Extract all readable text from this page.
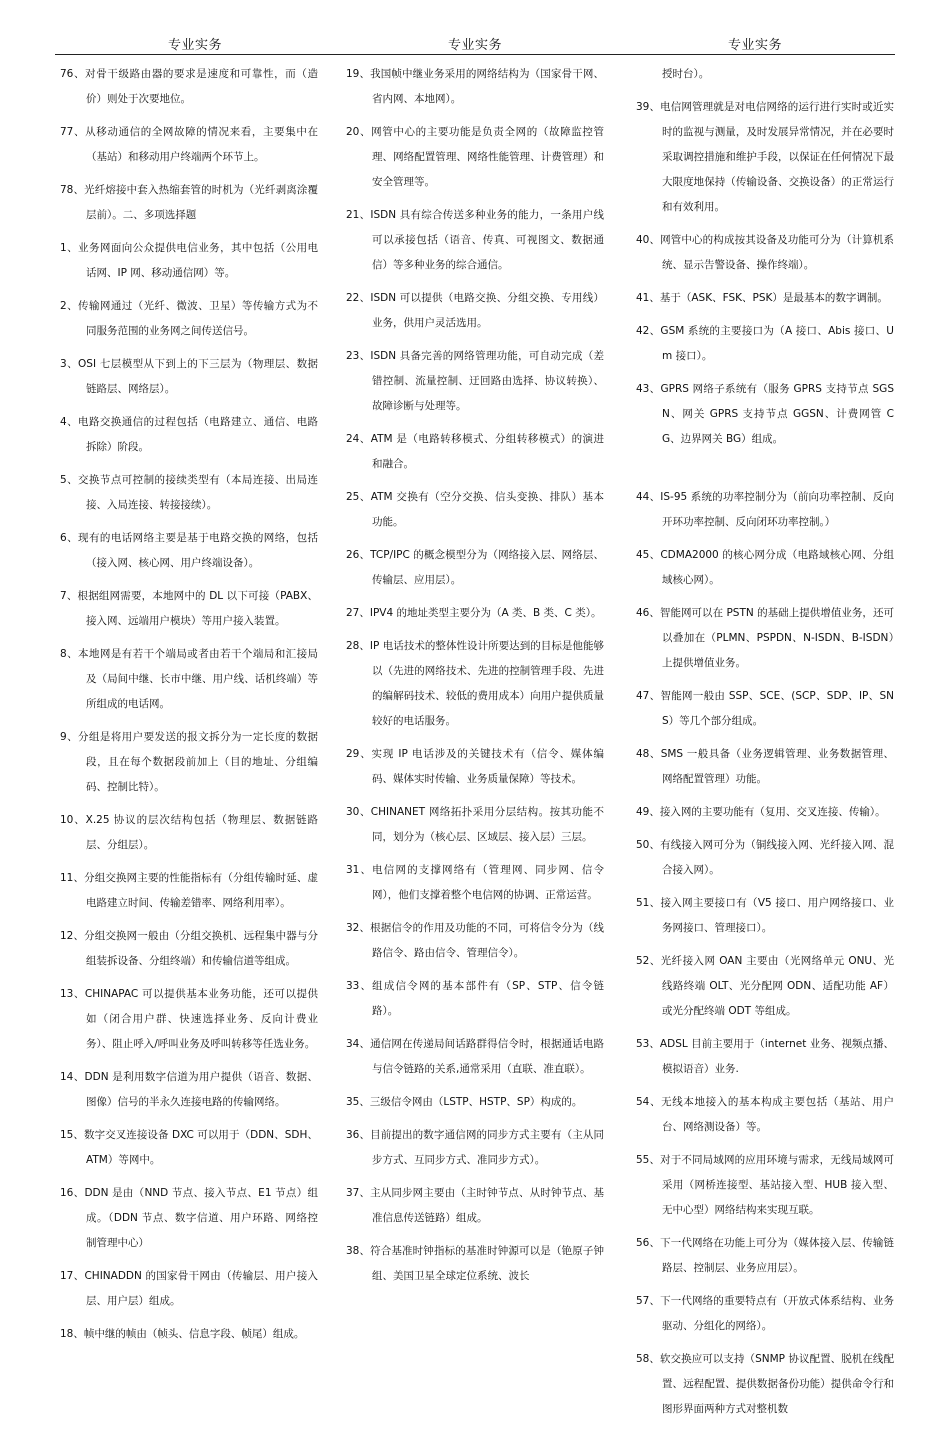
专业实务	专业实务	专业实务

76、对骨干级路由器的要求是速度和可靠性，而（造价）则处于次要地位。

77、从移动通信的全网故障的情况来看，主要集中在（基站）和移动用户终端两个环节上。

78、光纤熔接中套入热缩套管的时机为（光纤剥离涂覆层前）。二、多项选择题

1、业务网面向公众提供电信业务，其中包括（公用电话网、IP 网、移动通信网）等。

2、传输网通过（光纤、微波、卫星）等传输方式为不同服务范围的业务网之间传送信号。

3、OSI 七层模型从下到上的下三层为（物理层、数据链路层、网络层）。

4、电路交换通信的过程包括（电路建立、通信、电路拆除）阶段。

5、交换节点可控制的接续类型有（本局连接、出局连接、入局连接、转接接续）。

6、现有的电话网络主要是基于电路交换的网络，包括（接入网、核心网、用户终端设备）。

7、根据组网需要，本地网中的 DL 以下可接（PABX、接入网、远端用户模块）等用户接入装置。

8、本地网是有若干个端局或者由若干个端局和汇接局及（局间中继、长市中继、用户线、话机终端）等所组成的电话网。

9、分组是将用户要发送的报文拆分为一定长度的数据段，且在每个数据段前加上（目的地址、分组编码、控制比特）。

10、X.25 协议的层次结构包括（物理层、数据链路层、分组层）。

11、分组交换网主要的性能指标有（分组传输时延、虚电路建立时间、传输差错率、网络利用率）。

12、分组交换网一般由（分组交换机、远程集中器与分组装拆设备、分组终端）和传输信道等组成。

13、CHINAPAC 可以提供基本业务功能，还可以提供如（闭合用户群、快速选择业务、反向计费业务）、阻止呼入/呼叫业务及呼叫转移等任选业务。

14、DDN 是利用数字信道为用户提供（语音、数据、图像）信号的半永久连接电路的传输网络。

15、数字交叉连接设备 DXC 可以用于（DDN、SDH、ATM）等网中。

16、DDN 是由（NND 节点、接入节点、E1 节点）组成。（DDN 节点、数字信道、用户环路、网络控制管理中心）

17、CHINADDN 的国家骨干网由（传输层、用户接入层、用户层）组成。

18、帧中继的帧由（帧头、信息字段、帧尾）组成。

19、我国帧中继业务采用的网络结构为（国家骨干网、省内网、本地网）。

20、网管中心的主要功能是负责全网的（故障监控管理、网络配置管理、网络性能管理、计费管理）和安全管理等。

21、ISDN 具有综合传送多种业务的能力，一条用户线可以承接包括（语音、传真、可视图文、数据通信）等多种业务的综合通信。

22、ISDN 可以提供（电路交换、分组交换、专用线）业务，供用户灵活选用。

23、ISDN 具备完善的网络管理功能，可自动完成（差错控制、流量控制、迂回路由选择、协议转换）、故障诊断与处理等。

24、ATM 是（电路转移模式、分组转移模式）的演进和融合。

25、ATM 交换有（空分交换、信头变换、排队）基本功能。

26、TCP/IPC 的概念模型分为（网络接入层、网络层、传输层、应用层）。

27、IPV4 的地址类型主要分为（A 类、B 类、C 类）。

28、IP 电话技术的整体性设计所要达到的目标是他能够以（先进的网络技术、先进的控制管理手段、先进的编解码技术、较低的费用成本）向用户提供质量较好的电话服务。

29、实现 IP 电话涉及的关键技术有（信令、媒体编码、媒体实时传输、业务质量保障）等技术。

30、CHINANET 网络拓扑采用分层结构。按其功能不同，划分为（核心层、区域层、接入层）三层。

31、电信网的支撑网络有（管理网、同步网、信令网），他们支撑着整个电信网的协调、正常运营。

32、根据信令的作用及功能的不同，可将信令分为（线路信令、路由信令、管理信令）。

33、组成信令网的基本部件有（SP、STP、信令链路）。

34、通信网在传递局间话路群得信令时，根据通话电路与信令链路的关系,通常采用（直联、准直联）。

35、三级信令网由（LSTP、HSTP、SP）构成的。

36、目前提出的数字通信网的同步方式主要有（主从同步方式、互同步方式、准同步方式）。

37、主从同步网主要由（主时钟节点、从时钟节点、基准信息传送链路）组成。

38、符合基准时钟指标的基准时钟源可以是（铯原子钟组、美国卫星全球定位系统、波长

授时台）。

39、电信网管理就是对电信网络的运行进行实时或近实时的监视与测量，及时发展异常情况，并在必要时采取调控措施和维护手段，以保证在任何情况下最大限度地保持（传输设备、交换设备）的正常运行和有效利用。

40、网管中心的构成按其设备及功能可分为（计算机系统、显示告警设备、操作终端）。

41、基于（ASK、FSK、PSK）是最基本的数字调制。

42、GSM 系统的主要接口为（A 接口、Abis 接口、Um 接口）。

43、GPRS 网络子系统有（服务 GPRS 支持节点 SGSN、网关 GPRS 支持节点 GGSN、计费网管 CG、边界网关 BG）组成。

44、IS-95 系统的功率控制分为（前向功率控制、反向开环功率控制、反向闭环功率控制。）

45、CDMA2000 的核心网分成（电路域核心网、分组域核心网）。

46、智能网可以在 PSTN 的基础上提供增值业务，还可以叠加在（PLMN、PSPDN、N-ISDN、B-ISDN）上提供增值业务。

47、智能网一般由 SSP、SCE、(SCP、SDP、IP、SNS）等几个部分组成。

48、SMS 一般具备（业务逻辑管理、业务数据管理、网络配置管理）功能。

49、接入网的主要功能有（复用、交叉连接、传输）。

50、有线接入网可分为（铜线接入网、光纤接入网、混合接入网）。

51、接入网主要接口有（V5 接口、用户网络接口、业务网接口、管理接口）。

52、光纤接入网 OAN 主要由（光网络单元 ONU、光线路终端 OLT、光分配网 ODN、适配功能 AF）或光分配终端 ODT 等组成。

53、ADSL 目前主要用于（internet 业务、视频点播、模拟语音）业务.

54、无线本地接入的基本构成主要包括（基站、用户台、网络测设备）等。

55、对于不同局域网的应用环境与需求，无线局域网可采用（网桥连接型、基站接入型、HUB 接入型、无中心型）网络结构来实现互联。

56、下一代网络在功能上可分为（媒体接入层、传输链路层、控制层、业务应用层）。

57、下一代网络的重要特点有（开放式体系结构、业务驱动、分组化的网络）。

58、软交换应可以支持（SNMP 协议配置、脱机在线配置、远程配置、提供数据备份功能）提供命令行和图形界面两种方式对整机数
